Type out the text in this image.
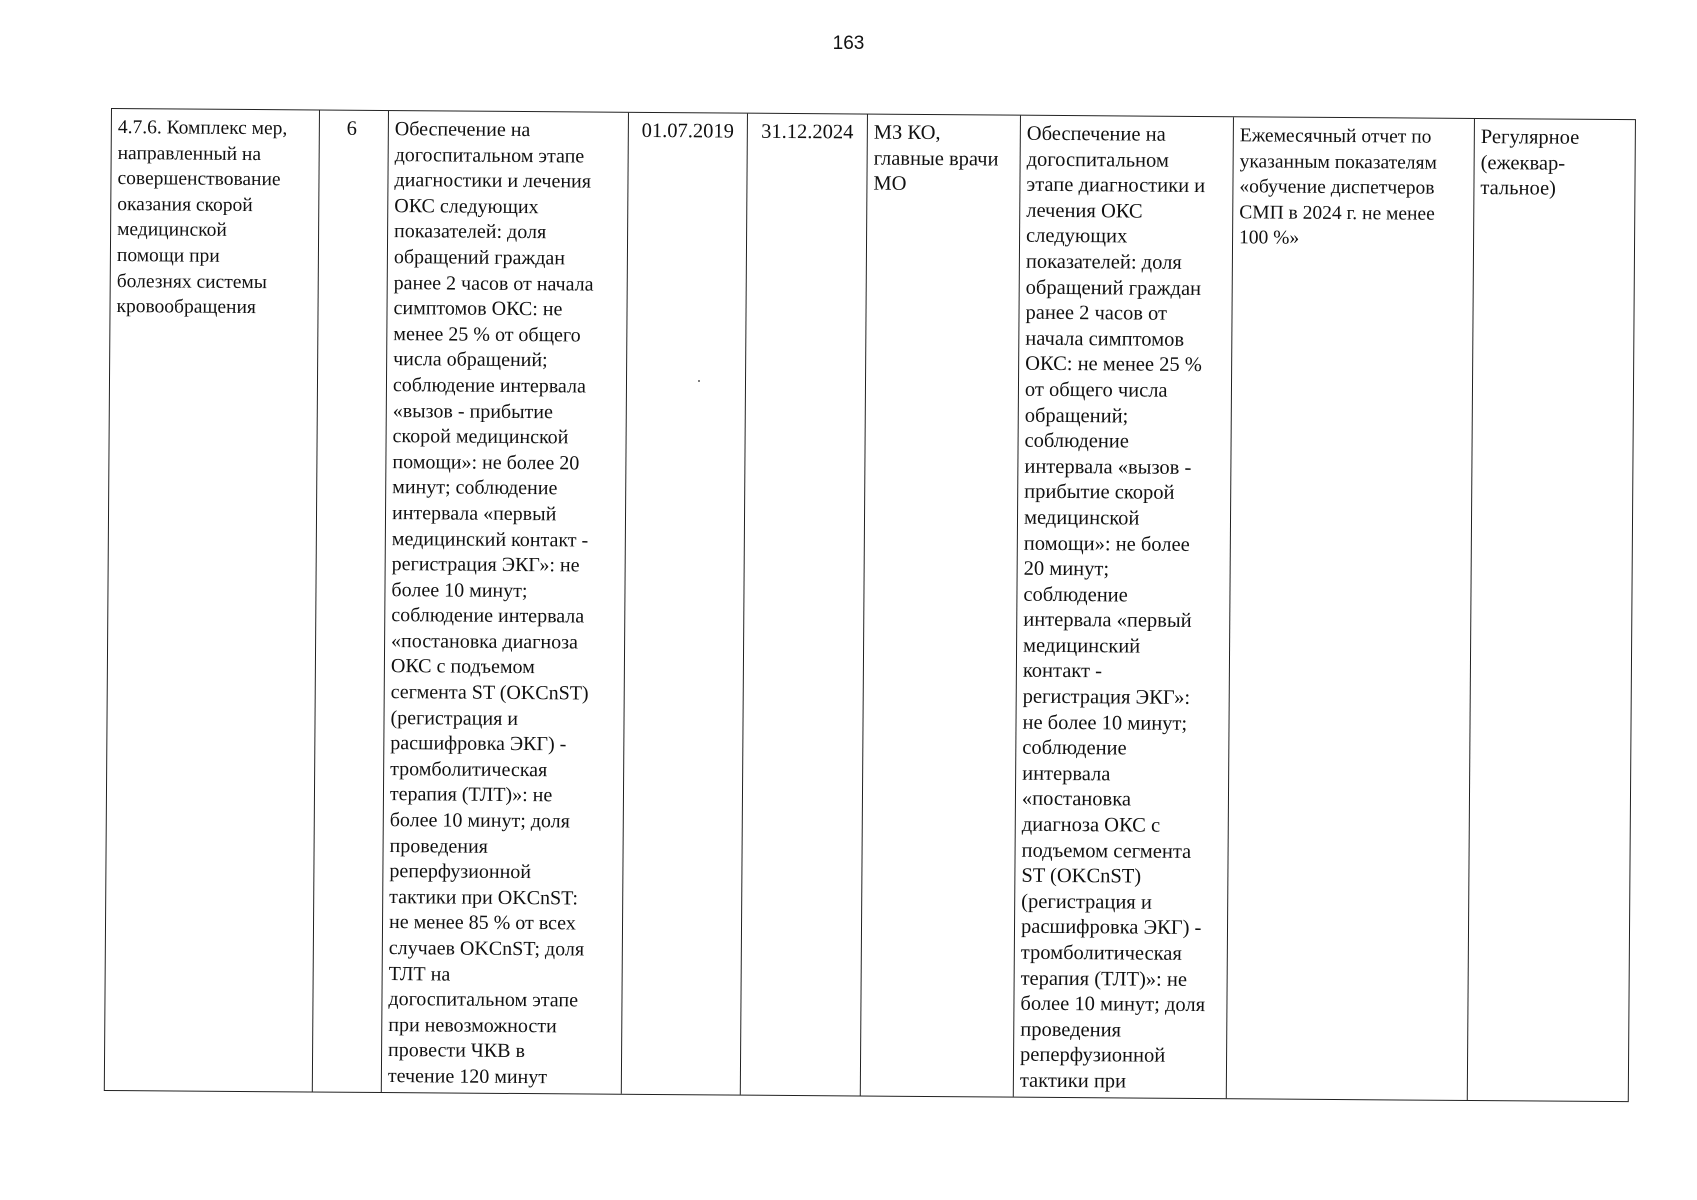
163
4.7.6. Комплекс мер,
направленный на
совершенствование
оказания скорой
медицинской
помощи при
болезнях системы
кровообращения
6	Обеспечение на
догоспитальном этапе
диагностики и лечения
ОКС следующих
показателей: доля
обращений граждан
ранее 2 часов от начала
симптомов ОКС: не
менее 25 % от общего
числа обращений;
соблюдение интервала
«вызов - прибытие
скорой медицинской
помощи»: не более 20
минут; соблюдение
интервала «первый
медицинский контакт -
регистрация ЭКГ»: не
более 10 минут;
соблюдение интервала
«постановка диагноза
ОКС с подъемом
сегмента ST (OKCnST)
(регистрация и
расшифровка ЭКГ) -
тромболитическая
терапия (ТЛТ)»: не
более 10 минут; доля
проведения
реперфузионной
тактики при OKCnST:
не менее 85 % от всех
случаев OKCnST; доля
ТЛТ на
догоспитальном этапе
при невозможности
провести ЧКВ в
течение 120 минут
01.07.2019	31.12.2024 МЗ КО,
главные врачи
МО
Обеспечение на
догоспитальном
этапе диагностики и
лечения ОКС
следующих
показателей: доля
обращений граждан
ранее 2 часов от
начала симптомов
ОКС: не менее 25 %
от общего числа
обращений;
соблюдение
интервала «вызов -
прибытие скорой
медицинской
помощи»: не более
20 минут;
соблюдение
интервала «первый
медицинский
контакт -
регистрация ЭКГ»:
не более 10 минут;
соблюдение
интервала
«постановка
диагноза ОКС с
подъемом сегмента
ST (OKCnST)
(регистрация и
расшифровка ЭКГ) -
тромболитическая
терапия (ТЛТ)»: не
более 10 минут; доля
проведения
реперфузионной
тактики при
Ежемесячный отчет по
указанным показателям
«обучение диспетчеров
СМП в 2024 г. не менее
100 %»
Регулярное
(ежеквар-
тальное)
